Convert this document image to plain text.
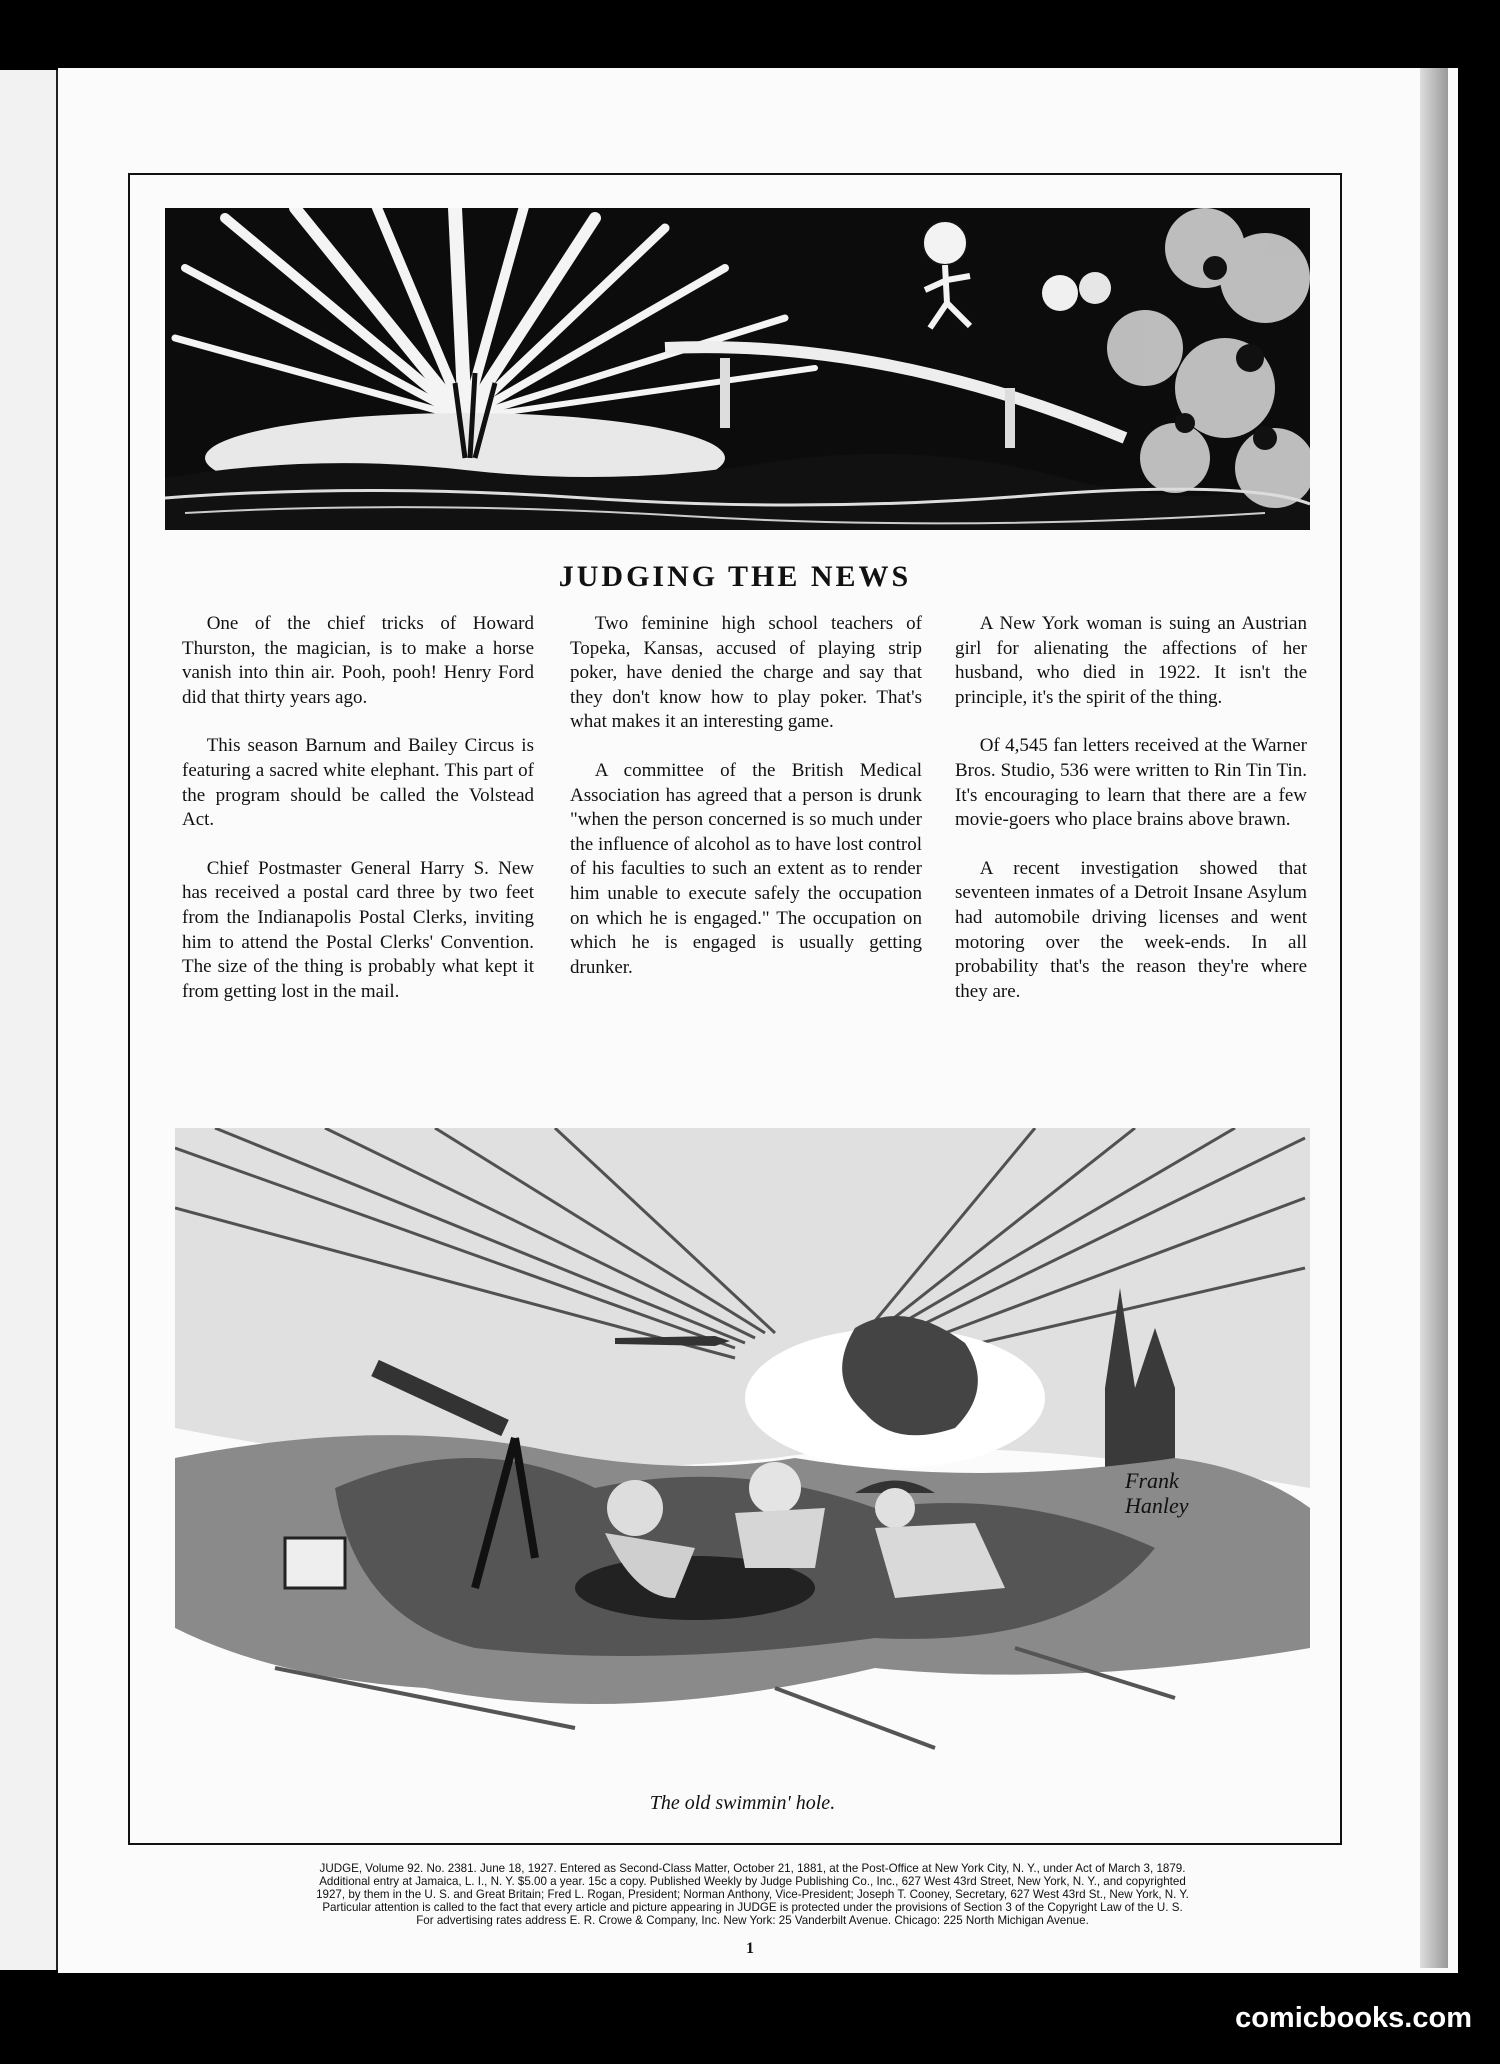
JUDGING THE NEWS

One of the chief tricks of Howard Thurston, the magician, is to make a horse vanish into thin air. Pooh, pooh! Henry Ford did that thirty years ago.

This season Barnum and Bailey Circus is featuring a sacred white elephant. This part of the program should be called the Volstead Act.

Chief Postmaster General Harry S. New has received a postal card three by two feet from the Indianapolis Postal Clerks, inviting him to attend the Postal Clerks' Convention. The size of the thing is probably what kept it from getting lost in the mail.

Two feminine high school teachers of Topeka, Kansas, accused of playing strip poker, have denied the charge and say that they don't know how to play poker. That's what makes it an interesting game.

A committee of the British Medical Association has agreed that a person is drunk "when the person concerned is so much under the influence of alcohol as to have lost control of his faculties to such an extent as to render him unable to execute safely the occupation on which he is engaged." The occupation on which he is engaged is usually getting drunker.

A New York woman is suing an Austrian girl for alienating the affections of her husband, who died in 1922. It isn't the principle, it's the spirit of the thing.

Of 4,545 fan letters received at the Warner Bros. Studio, 536 were written to Rin Tin Tin. It's encouraging to learn that there are a few movie-goers who place brains above brawn.

A recent investigation showed that seventeen inmates of a Detroit Insane Asylum had automobile driving licenses and went motoring over the week-ends. In all probability that's the reason they're where they are.

Frank
Hanley
The old swimmin' hole.
JUDGE, Volume 92. No. 2381. June 18, 1927. Entered as Second-Class Matter, October 21, 1881, at the Post-Office at New York City, N. Y., under Act of March 3, 1879.
Additional entry at Jamaica, L. I., N. Y. $5.00 a year. 15c a copy. Published Weekly by Judge Publishing Co., Inc., 627 West 43rd Street, New York, N. Y., and copyrighted
1927, by them in the U. S. and Great Britain; Fred L. Rogan, President; Norman Anthony, Vice-President; Joseph T. Cooney, Secretary, 627 West 43rd St., New York, N. Y.
Particular attention is called to the fact that every article and picture appearing in JUDGE is protected under the provisions of Section 3 of the Copyright Law of the U. S.
For advertising rates address E. R. Crowe & Company, Inc. New York: 25 Vanderbilt Avenue. Chicago: 225 North Michigan Avenue.
1
comicbooks.com
